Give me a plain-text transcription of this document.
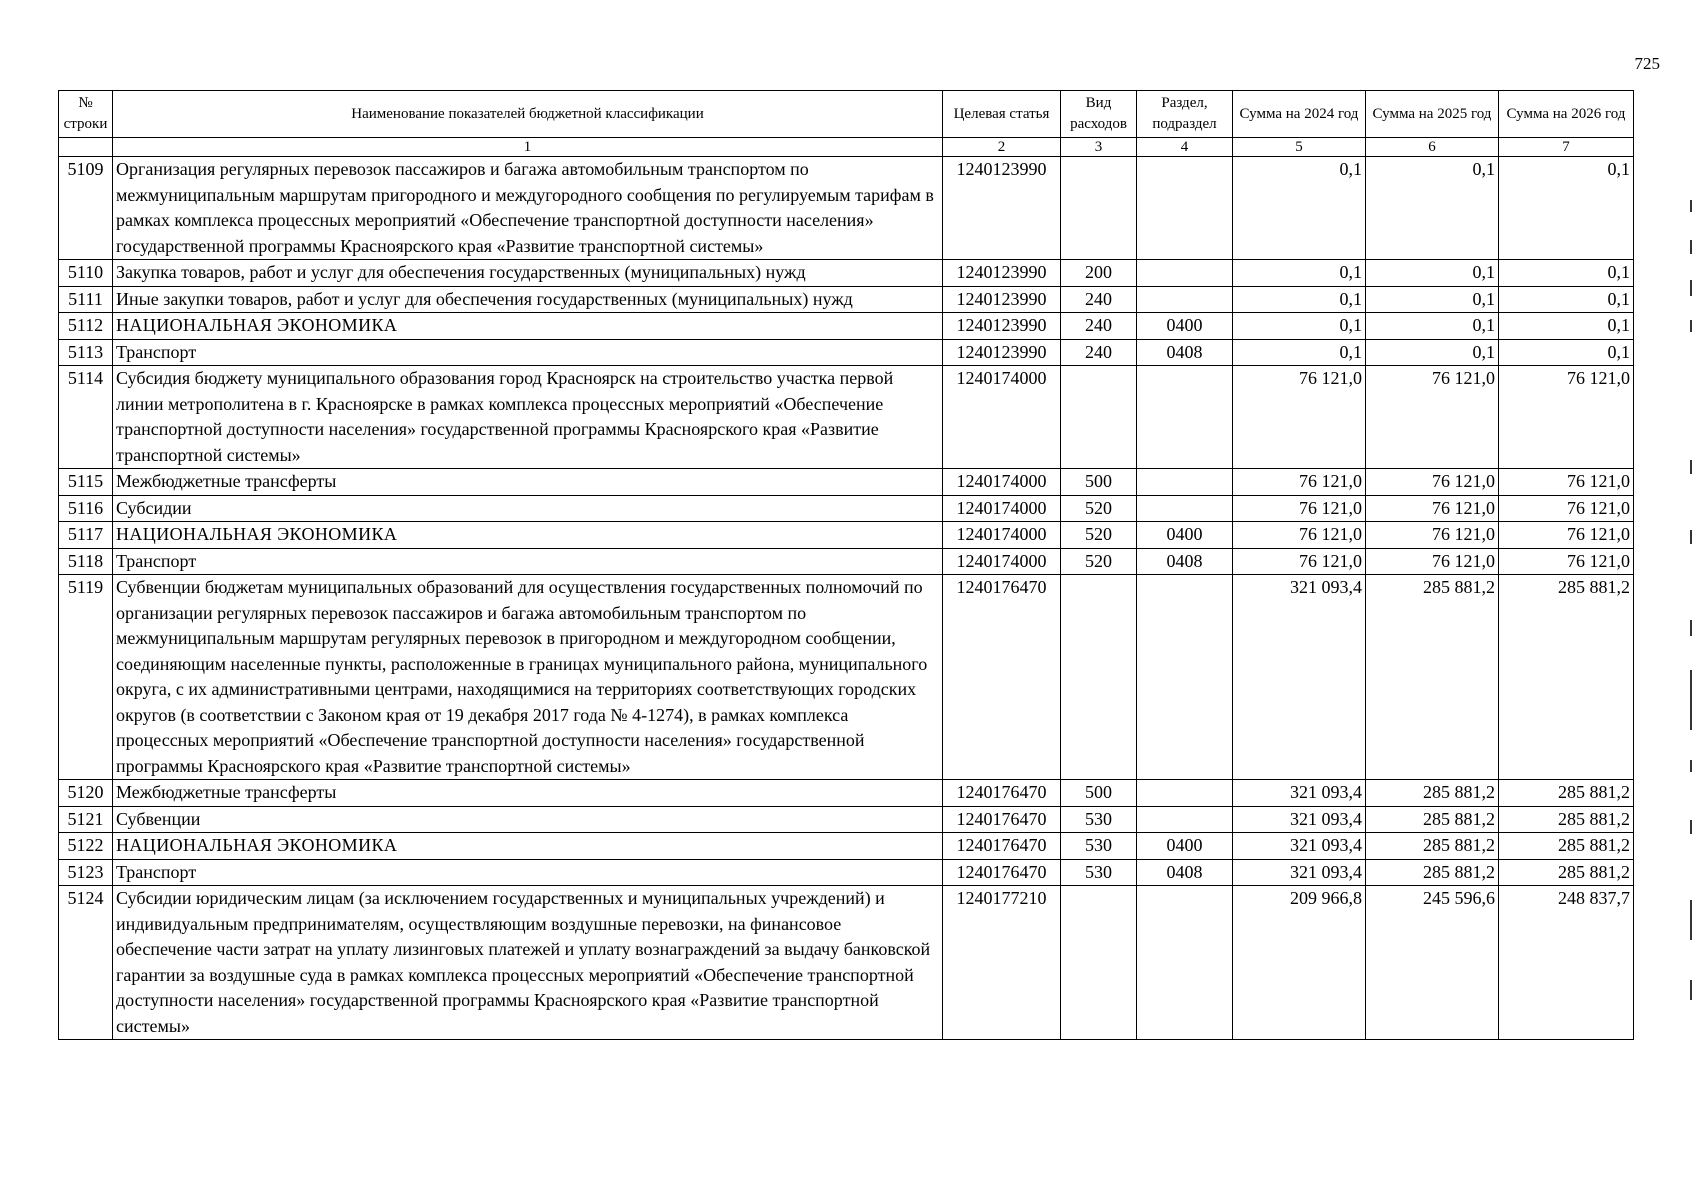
725
№ строки	Наименование показателей бюджетной классификации	Целевая статья	Вид расходов	Раздел, подраздел	Сумма на 2024 год	Сумма на 2025 год	Сумма на 2026 год
	1	2	3	4	5	6	7
5109	Организация регулярных перевозок пассажиров и багажа автомобильным транспортом по межмуниципальным маршрутам пригородного и междугородного сообщения по регулируемым тарифам в рамках комплекса процессных мероприятий «Обеспечение транспортной доступности населения» государственной программы Красноярского края «Развитие транспортной системы»	1240123990			0,1	0,1	0,1
5110	Закупка товаров, работ и услуг для обеспечения государственных (муниципальных) нужд	1240123990	200		0,1	0,1	0,1
5111	Иные закупки товаров, работ и услуг для обеспечения государственных (муниципальных) нужд	1240123990	240		0,1	0,1	0,1
5112	НАЦИОНАЛЬНАЯ ЭКОНОМИКА	1240123990	240	0400	0,1	0,1	0,1
5113	Транспорт	1240123990	240	0408	0,1	0,1	0,1
5114	Субсидия бюджету муниципального образования город Красноярск на строительство участка первой линии метрополитена в г. Красноярске в рамках комплекса процессных мероприятий «Обеспечение транспортной доступности населения» государственной программы Красноярского края «Развитие транспортной системы»	1240174000			76 121,0	76 121,0	76 121,0
5115	Межбюджетные трансферты	1240174000	500		76 121,0	76 121,0	76 121,0
5116	Субсидии	1240174000	520		76 121,0	76 121,0	76 121,0
5117	НАЦИОНАЛЬНАЯ ЭКОНОМИКА	1240174000	520	0400	76 121,0	76 121,0	76 121,0
5118	Транспорт	1240174000	520	0408	76 121,0	76 121,0	76 121,0
5119	Субвенции бюджетам муниципальных образований для осуществления государственных полномочий по организации регулярных перевозок пассажиров и багажа автомобильным транспортом по межмуниципальным маршрутам регулярных перевозок в пригородном и междугородном сообщении, соединяющим населенные пункты, расположенные в границах муниципального района, муниципального округа, с их административными центрами, находящимися на территориях соответствующих городских округов (в соответствии с Законом края от 19 декабря 2017 года № 4-1274), в рамках комплекса процессных мероприятий «Обеспечение транспортной доступности населения» государственной программы Красноярского края «Развитие транспортной системы»	1240176470			321 093,4	285 881,2	285 881,2
5120	Межбюджетные трансферты	1240176470	500		321 093,4	285 881,2	285 881,2
5121	Субвенции	1240176470	530		321 093,4	285 881,2	285 881,2
5122	НАЦИОНАЛЬНАЯ ЭКОНОМИКА	1240176470	530	0400	321 093,4	285 881,2	285 881,2
5123	Транспорт	1240176470	530	0408	321 093,4	285 881,2	285 881,2
5124	Субсидии юридическим лицам (за исключением государственных и муниципальных учреждений) и индивидуальным предпринимателям, осуществляющим воздушные перевозки, на финансовое обеспечение части затрат на уплату лизинговых платежей и уплату вознаграждений за выдачу банковской гарантии за воздушные суда в рамках комплекса процессных мероприятий «Обеспечение транспортной доступности населения» государственной программы Красноярского края «Развитие транспортной системы»	1240177210			209 966,8	245 596,6	248 837,7
